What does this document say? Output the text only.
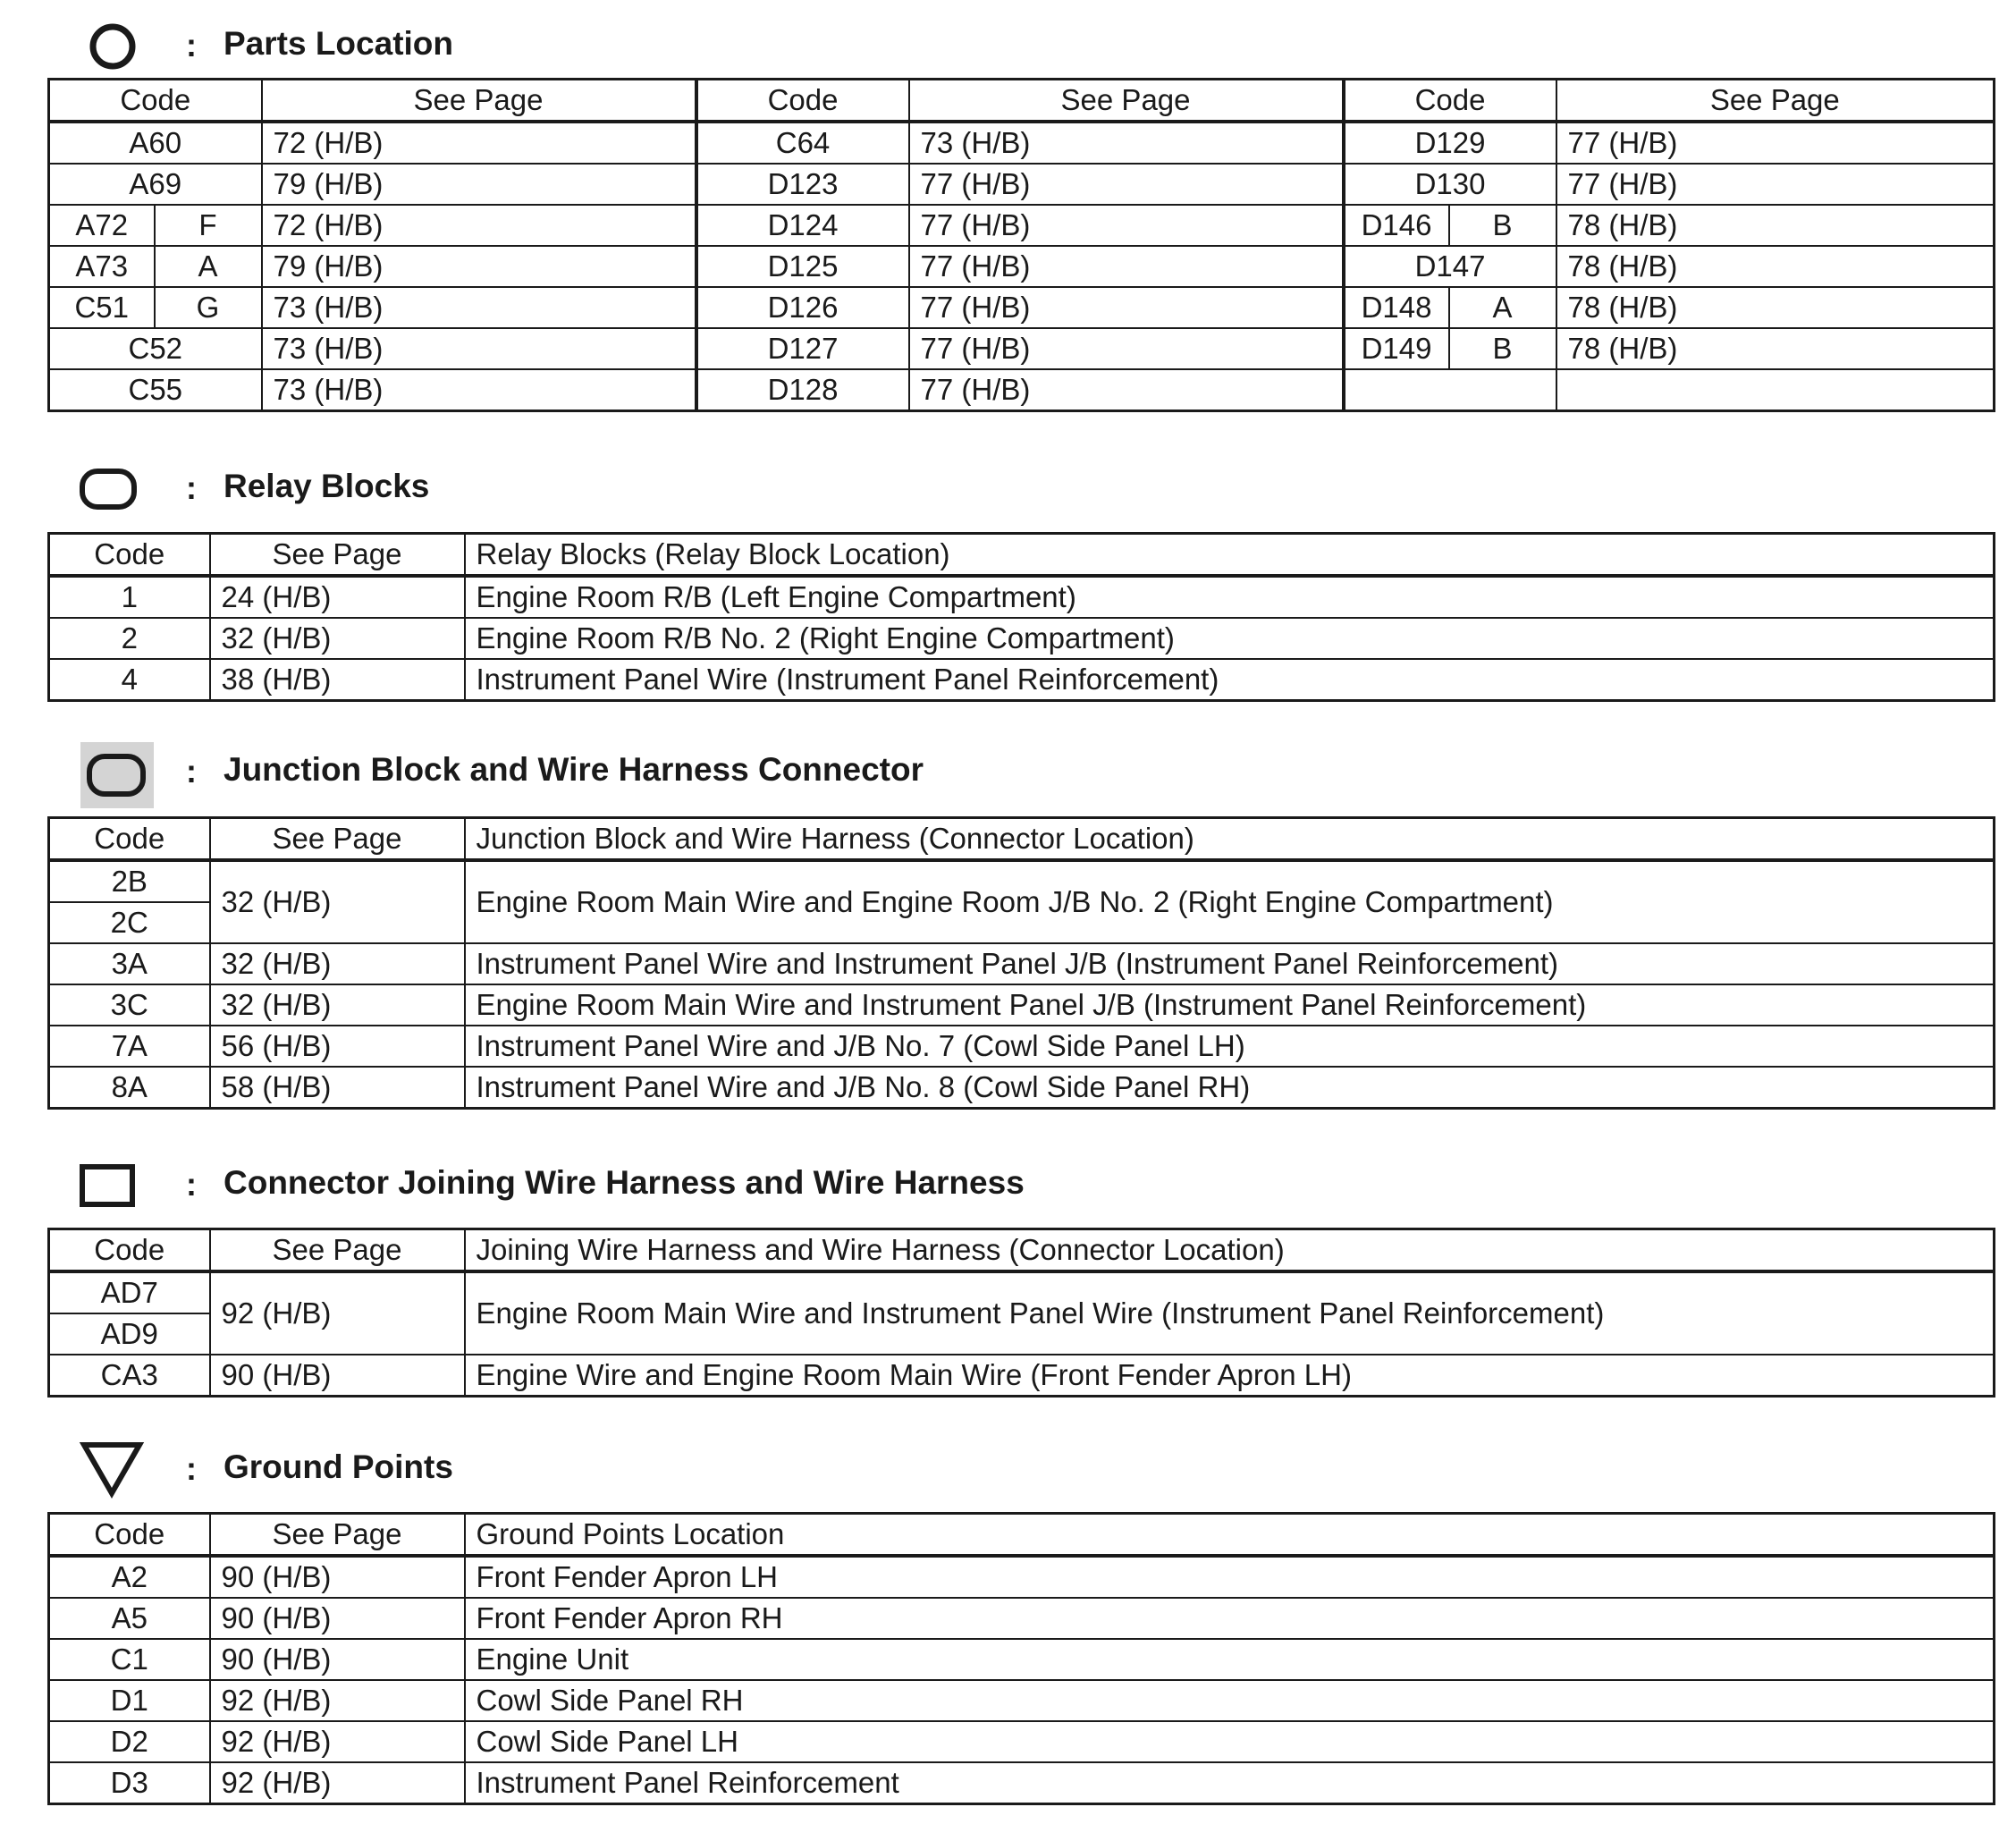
: Parts Location
Code		See Page	Code	See Page	Code		See Page
A60		72 (H/B)	C64	73 (H/B)	D129		77 (H/B)
A69		79 (H/B)	D123	77 (H/B)	D130		77 (H/B)
A72	F	72 (H/B)	D124	77 (H/B)	D146	B	78 (H/B)
A73	A	79 (H/B)	D125	77 (H/B)	D147		78 (H/B)
C51	G	73 (H/B)	D126	77 (H/B)	D148	A	78 (H/B)
C52		73 (H/B)	D127	77 (H/B)	D149	B	78 (H/B)
C55		73 (H/B)	D128	77 (H/B)			
: Relay Blocks
Code	See Page	Relay Blocks (Relay Block Location)
1	24 (H/B)	Engine Room R/B (Left Engine Compartment)
2	32 (H/B)	Engine Room R/B No. 2 (Right Engine Compartment)
4	38 (H/B)	Instrument Panel Wire (Instrument Panel Reinforcement)
: Junction Block and Wire Harness Connector
Code	See Page	Junction Block and Wire Harness (Connector Location)
2B	32 (H/B)	Engine Room Main Wire and Engine Room J/B No. 2 (Right Engine Compartment)
2C		
3A	32 (H/B)	Instrument Panel Wire and Instrument Panel J/B (Instrument Panel Reinforcement)
3C	32 (H/B)	Engine Room Main Wire and Instrument Panel J/B (Instrument Panel Reinforcement)
7A	56 (H/B)	Instrument Panel Wire and J/B No. 7 (Cowl Side Panel LH)
8A	58 (H/B)	Instrument Panel Wire and J/B No. 8 (Cowl Side Panel RH)
: Connector Joining Wire Harness and Wire Harness
Code	See Page	Joining Wire Harness and Wire Harness (Connector Location)
AD7	92 (H/B)	Engine Room Main Wire and Instrument Panel Wire (Instrument Panel Reinforcement)
AD9		
CA3	90 (H/B)	Engine Wire and Engine Room Main Wire (Front Fender Apron LH)
: Ground Points
Code	See Page	Ground Points Location
A2	90 (H/B)	Front Fender Apron LH
A5	90 (H/B)	Front Fender Apron RH
C1	90 (H/B)	Engine Unit
D1	92 (H/B)	Cowl Side Panel RH
D2	92 (H/B)	Cowl Side Panel LH
D3	92 (H/B)	Instrument Panel Reinforcement
